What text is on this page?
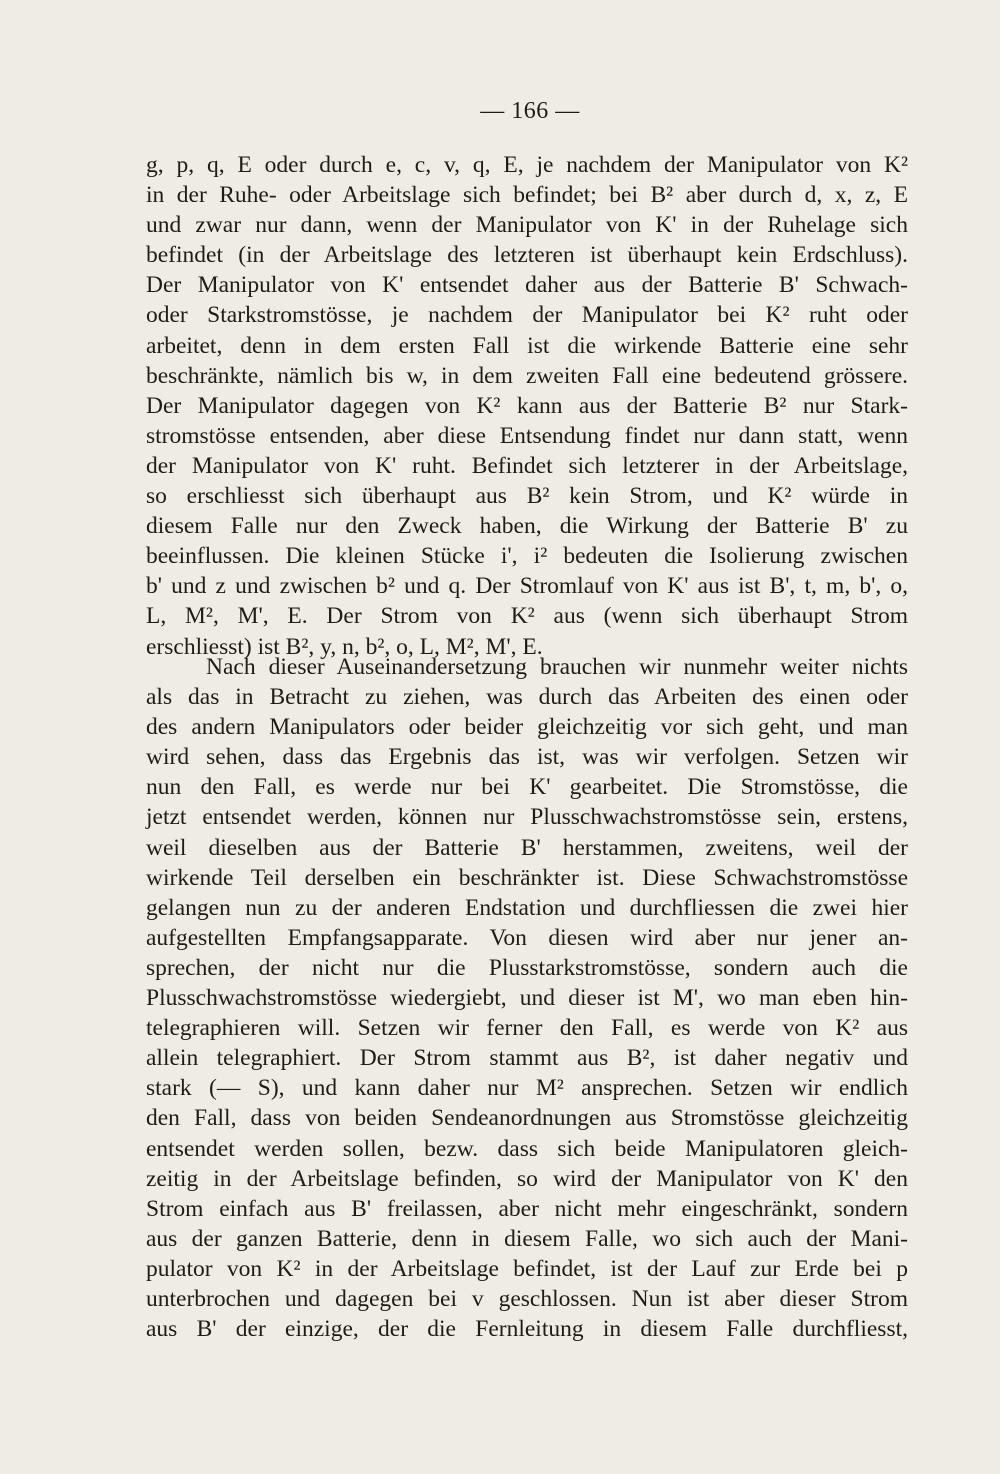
— 166 —
g, p, q, E oder durch e, c, v, q, E, je nachdem der Manipulator von K²
in der Ruhe- oder Arbeitslage sich befindet; bei B² aber durch d, x, z, E
und zwar nur dann, wenn der Manipulator von K' in der Ruhelage sich
befindet (in der Arbeitslage des letzteren ist überhaupt kein Erdschluss).
Der Manipulator von K' entsendet daher aus der Batterie B' Schwach-
oder Starkstromstösse, je nachdem der Manipulator bei K² ruht oder
arbeitet, denn in dem ersten Fall ist die wirkende Batterie eine sehr
beschränkte, nämlich bis w, in dem zweiten Fall eine bedeutend grössere.
Der Manipulator dagegen von K² kann aus der Batterie B² nur Stark-
stromstösse entsenden, aber diese Entsendung findet nur dann statt, wenn
der Manipulator von K' ruht. Befindet sich letzterer in der Arbeitslage,
so erschliesst sich überhaupt aus B² kein Strom, und K² würde in
diesem Falle nur den Zweck haben, die Wirkung der Batterie B' zu
beeinflussen. Die kleinen Stücke i', i² bedeuten die Isolierung zwischen
b' und z und zwischen b² und q. Der Stromlauf von K' aus ist B', t, m, b', o,
L, M², M', E. Der Strom von K² aus (wenn sich überhaupt Strom
erschliesst) ist B², y, n, b², o, L, M², M', E.
Nach dieser Auseinandersetzung brauchen wir nunmehr weiter nichts
als das in Betracht zu ziehen, was durch das Arbeiten des einen oder
des andern Manipulators oder beider gleichzeitig vor sich geht, und man
wird sehen, dass das Ergebnis das ist, was wir verfolgen. Setzen wir
nun den Fall, es werde nur bei K' gearbeitet. Die Stromstösse, die
jetzt entsendet werden, können nur Plusschwachstromstösse sein, erstens,
weil dieselben aus der Batterie B' herstammen, zweitens, weil der
wirkende Teil derselben ein beschränkter ist. Diese Schwachstromstösse
gelangen nun zu der anderen Endstation und durchfliessen die zwei hier
aufgestellten Empfangsapparate. Von diesen wird aber nur jener an-
sprechen, der nicht nur die Plusstarkstromstösse, sondern auch die
Plusschwachstromstösse wiedergiebt, und dieser ist M', wo man eben hin-
telegraphieren will. Setzen wir ferner den Fall, es werde von K² aus
allein telegraphiert. Der Strom stammt aus B², ist daher negativ und
stark (— S), und kann daher nur M² ansprechen. Setzen wir endlich
den Fall, dass von beiden Sendeanordnungen aus Stromstösse gleichzeitig
entsendet werden sollen, bezw. dass sich beide Manipulatoren gleich-
zeitig in der Arbeitslage befinden, so wird der Manipulator von K' den
Strom einfach aus B' freilassen, aber nicht mehr eingeschränkt, sondern
aus der ganzen Batterie, denn in diesem Falle, wo sich auch der Mani-
pulator von K² in der Arbeitslage befindet, ist der Lauf zur Erde bei p
unterbrochen und dagegen bei v geschlossen. Nun ist aber dieser Strom
aus B' der einzige, der die Fernleitung in diesem Falle durchfliesst,
